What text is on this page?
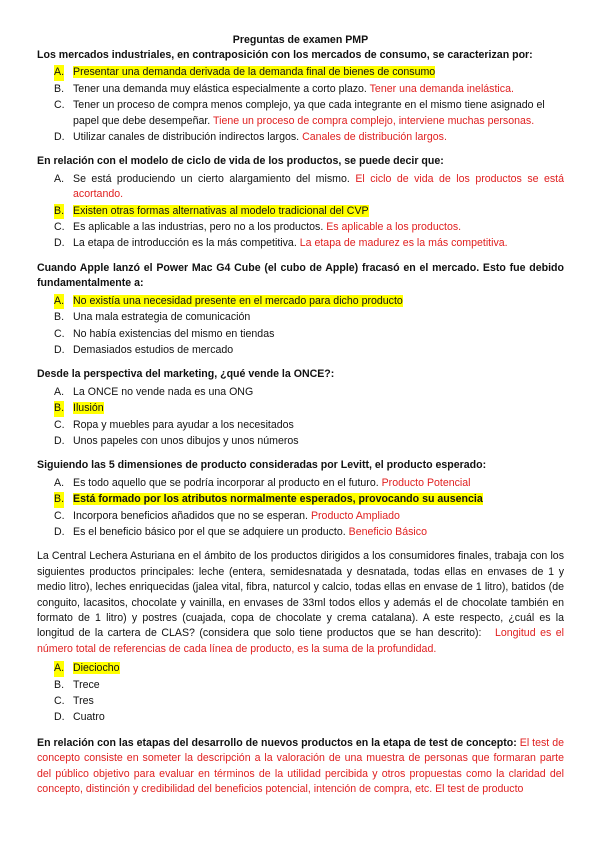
Preguntas de examen PMP

Los mercados industriales, en contraposición con los mercados de consumo, se caracterizan por:

A. Presentar una demanda derivada de la demanda final de bienes de consumo
B. Tener una demanda muy elástica especialmente a corto plazo. Tener una demanda inelástica.
C. Tener un proceso de compra menos complejo, ya que cada integrante en el mismo tiene asignado el papel que debe desempeñar. Tiene un proceso de compra complejo, interviene muchas personas.
D. Utilizar canales de distribución indirectos largos. Canales de distribución largos.

En relación con el modelo de ciclo de vida de los productos, se puede decir que:

A. Se está produciendo un cierto alargamiento del mismo. El ciclo de vida de los productos se está acortando.
B. Existen otras formas alternativas al modelo tradicional del CVP
C. Es aplicable a las industrias, pero no a los productos. Es aplicable a los productos.
D. La etapa de introducción es la más competitiva. La etapa de madurez es la más competitiva.

Cuando Apple lanzó el Power Mac G4 Cube (el cubo de Apple) fracasó en el mercado. Esto fue debido fundamentalmente a:

A. No existía una necesidad presente en el mercado para dicho producto
B. Una mala estrategia de comunicación
C. No había existencias del mismo en tiendas
D. Demasiados estudios de mercado

Desde la perspectiva del marketing, ¿qué vende la ONCE?:

A. La ONCE no vende nada es una ONG
B. Ilusión
C. Ropa y muebles para ayudar a los necesitados
D. Unos papeles con unos dibujos y unos números

Siguiendo las 5 dimensiones de producto consideradas por Levitt, el producto esperado:

A. Es todo aquello que se podría incorporar al producto en el futuro. Producto Potencial
B. Está formado por los atributos normalmente esperados, provocando su ausencia
C. Incorpora beneficios añadidos que no se esperan. Producto Ampliado
D. Es el beneficio básico por el que se adquiere un producto. Beneficio Básico

La Central Lechera Asturiana en el ámbito de los productos dirigidos a los consumidores finales, trabaja con los siguientes productos principales: leche (entera, semidesnatada y desnatada, todas ellas en envases de 1 y medio litro), leches enriquecidas (jalea vital, fibra, naturcol y calcio, todas ellas en envase de 1 litro), batidos (de conguito, lacasitos, chocolate y vainilla, en envases de 33ml todos ellos y además el de chocolate también en formato de 1 litro) y postres (cuajada, copa de chocolate y crema catalana). A este respecto, ¿cuál es la longitud de la cartera de CLAS? (considera que solo tiene productos que se han descrito): Longitud es el número total de referencias de cada línea de producto, es la suma de la profundidad.

A. Dieciocho
B. Trece
C. Tres
D. Cuatro

En relación con las etapas del desarrollo de nuevos productos en la etapa de test de concepto: El test de concepto consiste en someter la descripción a la valoración de una muestra de personas que formaran parte del público objetivo para evaluar en términos de la utilidad percibida y otros propuestas como la claridad del concepto, distinción y credibilidad del beneficios potencial, intención de compra, etc. El test de producto
